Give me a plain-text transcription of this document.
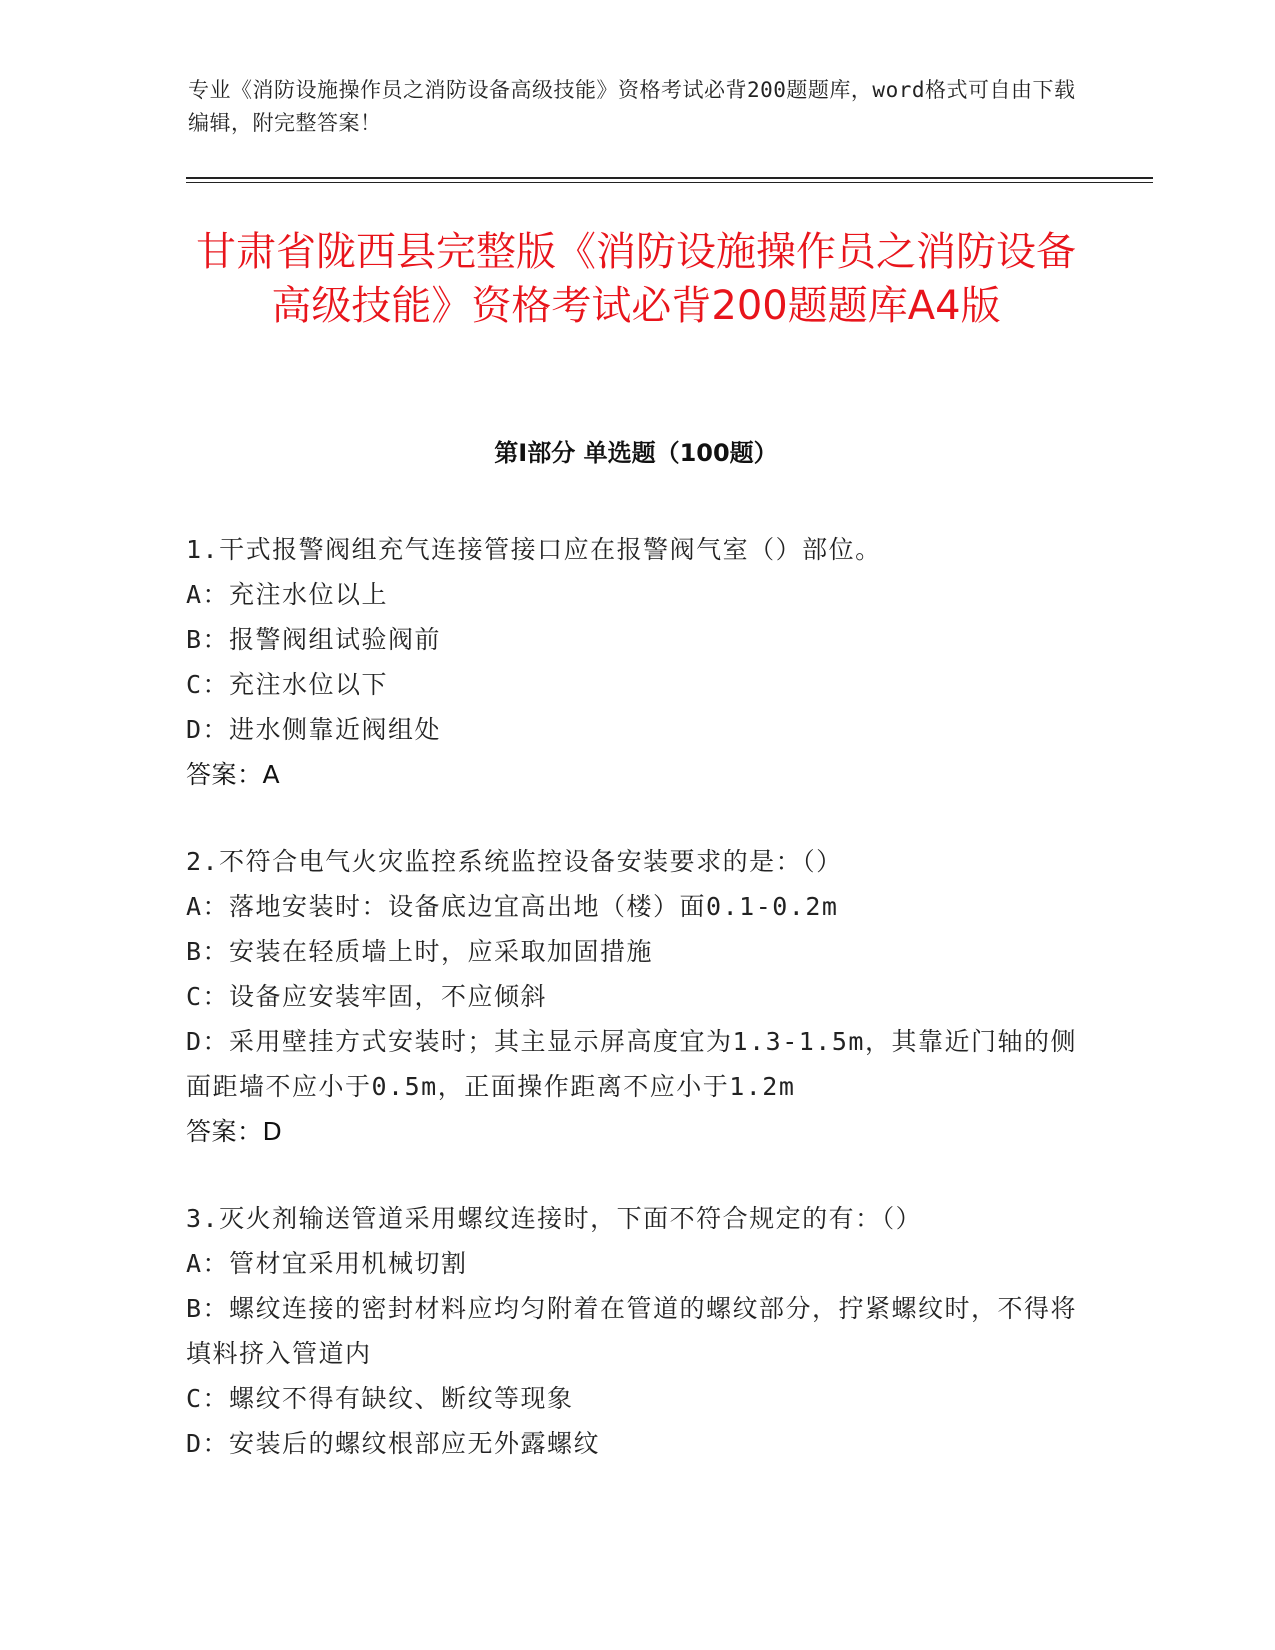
专业《消防设施操作员之消防设备高级技能》资格考试必背200题题库，word格式可自由下载编辑，附完整答案！
甘肃省陇西县完整版《消防设施操作员之消防设备高级技能》资格考试必背200题题库A4版
第Ⅰ部分 单选题（100题）
1.干式报警阀组充气连接管接口应在报警阀气室（）部位。
A：充注水位以上
B：报警阀组试验阀前
C：充注水位以下
D：进水侧靠近阀组处
答案：A
2.不符合电气火灾监控系统监控设备安装要求的是：（）
A：落地安装时：设备底边宜高出地（楼）面0.1-0.2m
B：安装在轻质墙上时，应采取加固措施
C：设备应安装牢固，不应倾斜
D：采用壁挂方式安装时；其主显示屏高度宜为1.3-1.5m，其靠近门轴的侧面距墙不应小于0.5m，正面操作距离不应小于1.2m
答案：D
3.灭火剂输送管道采用螺纹连接时，下面不符合规定的有：（）
A：管材宜采用机械切割
B：螺纹连接的密封材料应均匀附着在管道的螺纹部分，拧紧螺纹时，不得将填料挤入管道内
C：螺纹不得有缺纹、断纹等现象
D：安装后的螺纹根部应无外露螺纹
